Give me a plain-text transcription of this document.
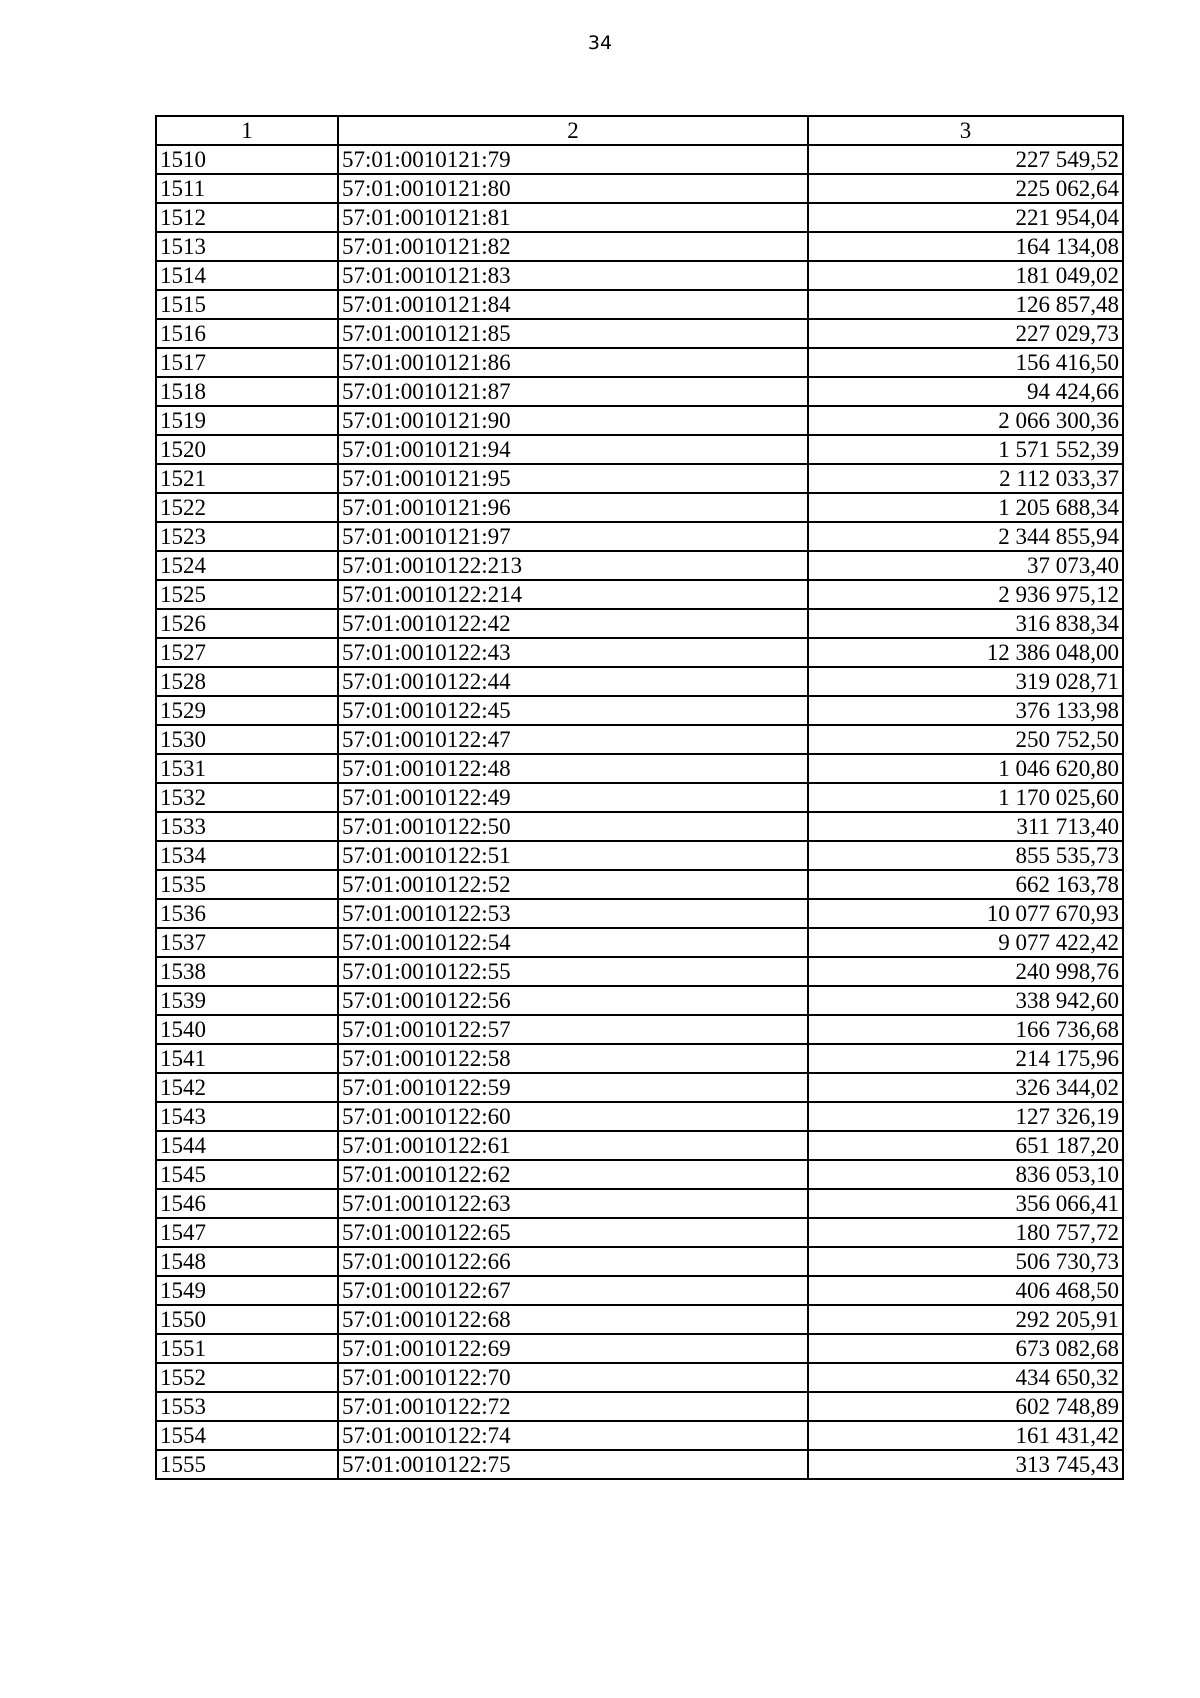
34
1	2	3
1510	57:01:0010121:79	227 549,52
1511	57:01:0010121:80	225 062,64
1512	57:01:0010121:81	221 954,04
1513	57:01:0010121:82	164 134,08
1514	57:01:0010121:83	181 049,02
1515	57:01:0010121:84	126 857,48
1516	57:01:0010121:85	227 029,73
1517	57:01:0010121:86	156 416,50
1518	57:01:0010121:87	94 424,66
1519	57:01:0010121:90	2 066 300,36
1520	57:01:0010121:94	1 571 552,39
1521	57:01:0010121:95	2 112 033,37
1522	57:01:0010121:96	1 205 688,34
1523	57:01:0010121:97	2 344 855,94
1524	57:01:0010122:213	37 073,40
1525	57:01:0010122:214	2 936 975,12
1526	57:01:0010122:42	316 838,34
1527	57:01:0010122:43	12 386 048,00
1528	57:01:0010122:44	319 028,71
1529	57:01:0010122:45	376 133,98
1530	57:01:0010122:47	250 752,50
1531	57:01:0010122:48	1 046 620,80
1532	57:01:0010122:49	1 170 025,60
1533	57:01:0010122:50	311 713,40
1534	57:01:0010122:51	855 535,73
1535	57:01:0010122:52	662 163,78
1536	57:01:0010122:53	10 077 670,93
1537	57:01:0010122:54	9 077 422,42
1538	57:01:0010122:55	240 998,76
1539	57:01:0010122:56	338 942,60
1540	57:01:0010122:57	166 736,68
1541	57:01:0010122:58	214 175,96
1542	57:01:0010122:59	326 344,02
1543	57:01:0010122:60	127 326,19
1544	57:01:0010122:61	651 187,20
1545	57:01:0010122:62	836 053,10
1546	57:01:0010122:63	356 066,41
1547	57:01:0010122:65	180 757,72
1548	57:01:0010122:66	506 730,73
1549	57:01:0010122:67	406 468,50
1550	57:01:0010122:68	292 205,91
1551	57:01:0010122:69	673 082,68
1552	57:01:0010122:70	434 650,32
1553	57:01:0010122:72	602 748,89
1554	57:01:0010122:74	161 431,42
1555	57:01:0010122:75	313 745,43
